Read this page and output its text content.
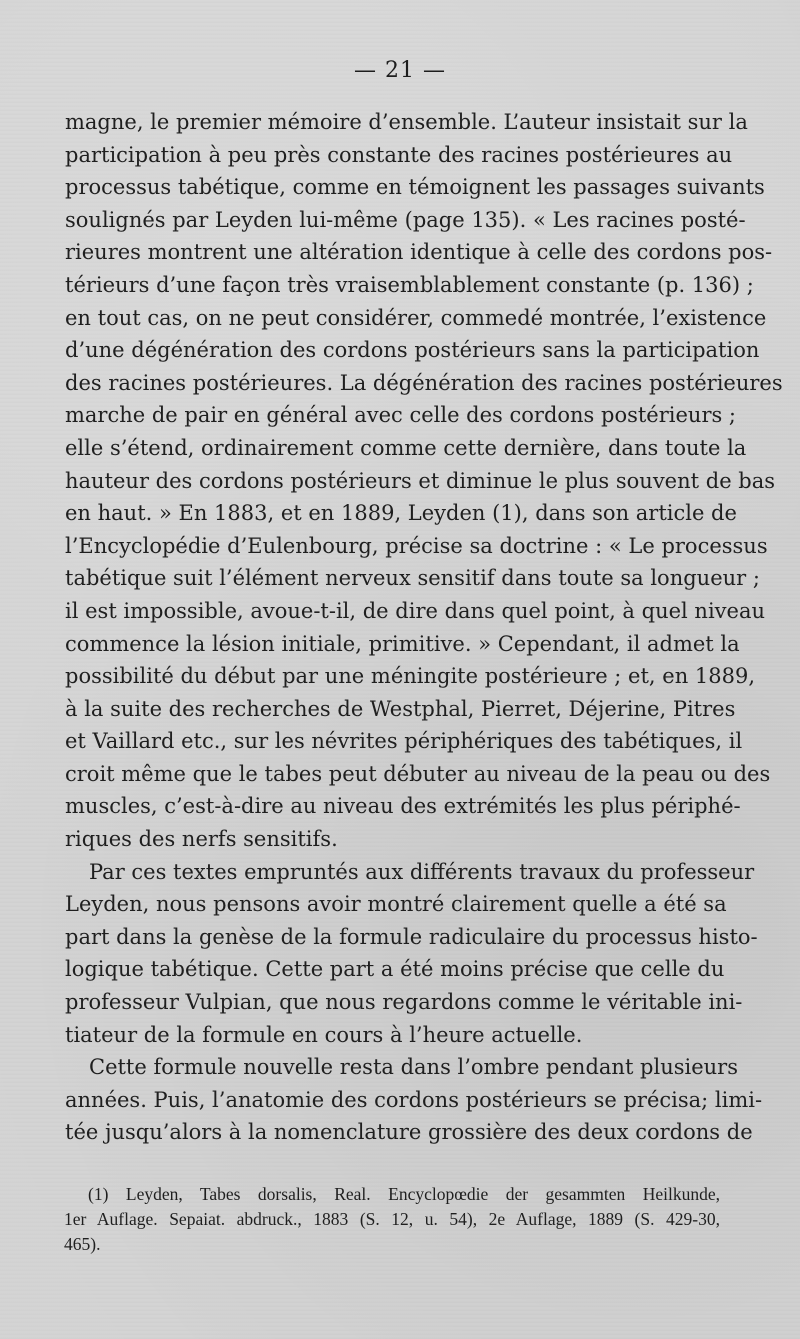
— 21 —

magne, le premier mémoire d’ensemble. L’auteur insistait sur la
participation à peu près constante des racines postérieures au
processus tabétique, comme en témoignent les passages suivants
soulignés par Leyden lui-même (page 135). « Les racines posté-
rieures montrent une altération identique à celle des cordons pos-
térieurs d’une façon très vraisemblablement constante (p. 136) ;
en tout cas, on ne peut considérer, commedé montrée, l’existence
d’une dégénération des cordons postérieurs sans la participation
des racines postérieures. La dégénération des racines postérieures
marche de pair en général avec celle des cordons postérieurs ;
elle s’étend, ordinairement comme cette dernière, dans toute la
hauteur des cordons postérieurs et diminue le plus souvent de bas
en haut. » En 1883, et en 1889, Leyden (1), dans son article de
l’Encyclopédie d’Eulenbourg, précise sa doctrine : « Le processus
tabétique suit l’élément nerveux sensitif dans toute sa longueur ;
il est impossible, avoue-t-il, de dire dans quel point, à quel niveau
commence la lésion initiale, primitive. » Cependant, il admet la
possibilité du début par une méningite postérieure ; et, en 1889,
à la suite des recherches de Westphal, Pierret, Déjerine, Pitres
et Vaillard etc., sur les névrites périphériques des tabétiques, il
croit même que le tabes peut débuter au niveau de la peau ou des
muscles, c’est-à-dire au niveau des extrémités les plus périphé-
riques des nerfs sensitifs.

Par ces textes empruntés aux différents travaux du professeur
Leyden, nous pensons avoir montré clairement quelle a été sa
part dans la genèse de la formule radiculaire du processus histo-
logique tabétique. Cette part a été moins précise que celle du
professeur Vulpian, que nous regardons comme le véritable ini-
tiateur de la formule en cours à l’heure actuelle.

Cette formule nouvelle resta dans l’ombre pendant plusieurs
années. Puis, l’anatomie des cordons postérieurs se précisa; limi-
tée jusqu’alors à la nomenclature grossière des deux cordons de

(1) Leyden, Tabes dorsalis, Real. Encyclopœdie der gesammten Heilkunde,
1er Auflage. Sepaiat. abdruck., 1883 (S. 12, u. 54), 2e Auflage, 1889 (S. 429-30,
465).
